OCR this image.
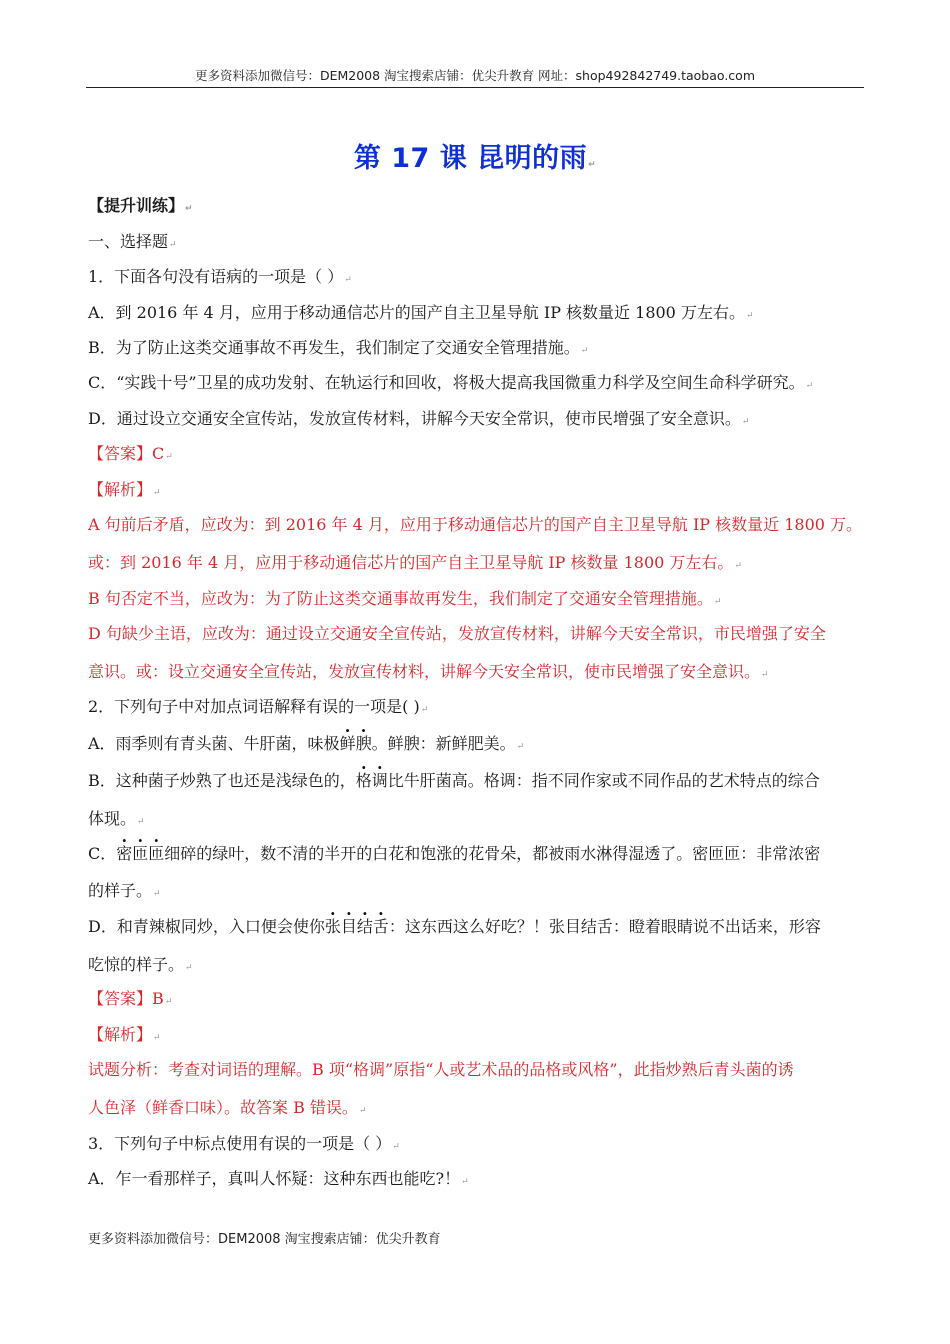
更多资料添加微信号：DEM2008 淘宝搜索店铺：优尖升教育 网址：shop492842749.taobao.com
第 17 课 昆明的雨↵
【提升训练】↵
一、选择题↵
1．下面各句没有语病的一项是（ ）↵
A．到 2016 年 4 月，应用于移动通信芯片的国产自主卫星导航 IP 核数量近 1800 万左右。↵
B．为了防止这类交通事故不再发生，我们制定了交通安全管理措施。↵
C．“实践十号”卫星的成功发射、在轨运行和回收，将极大提高我国微重力科学及空间生命科学研究。↵
D．通过设立交通安全宣传站，发放宣传材料，讲解今天安全常识，使市民增强了安全意识。↵
【答案】C↵
【解析】↵
A 句前后矛盾，应改为：到 2016 年 4 月，应用于移动通信芯片的国产自主卫星导航 IP 核数量近 1800 万。
或：到 2016 年 4 月，应用于移动通信芯片的国产自主卫星导航 IP 核数量 1800 万左右。↵
B 句否定不当，应改为：为了防止这类交通事故再发生，我们制定了交通安全管理措施。↵
D 句缺少主语，应改为：通过设立交通安全宣传站，发放宣传材料，讲解今天安全常识，市民增强了安全
意识。或：设立交通安全宣传站，发放宣传材料，讲解今天安全常识，使市民增强了安全意识。↵
2．下列句子中对加点词语解释有误的一项是( )↵
A．雨季则有青头菌、牛肝菌，味极鲜腴。鲜腴：新鲜肥美。↵
B．这种菌子炒熟了也还是浅绿色的，格调比牛肝菌高。格调：指不同作家或不同作品的艺术特点的综合
体现。↵
C．密匝匝细碎的绿叶，数不清的半开的白花和饱涨的花骨朵，都被雨水淋得湿透了。密匝匝：非常浓密
的样子。↵
D．和青辣椒同炒，入口便会使你张目结舌：这东西这么好吃？！张目结舌：瞪着眼睛说不出话来，形容
吃惊的样子。↵
【答案】B↵
【解析】↵
试题分析：考查对词语的理解。B 项“格调”原指“人或艺术品的品格或风格”，此指炒熟后青头菌的诱
人色泽（鲜香口味）。故答案 B 错误。↵
3．下列句子中标点使用有误的一项是（ ）↵
A．乍一看那样子，真叫人怀疑：这种东西也能吃?！↵
更多资料添加微信号：DEM2008 淘宝搜索店铺：优尖升教育
